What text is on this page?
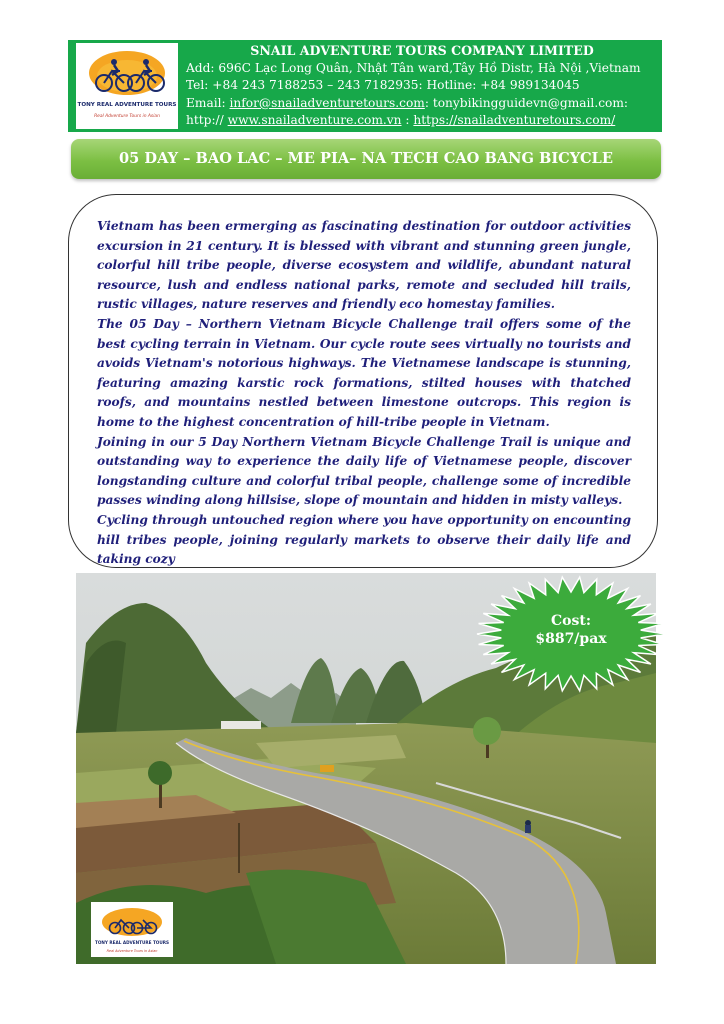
TONY REAL ADVENTURE TOURS
Real Adventure Tours in Asian
SNAIL ADVENTURE TOURS COMPANY LIMITED
Add: 696C Lạc Long Quân, Nhật Tân ward,Tây Hồ Distr, Hà Nội ,Vietnam
Tel: +84 243 7188253 – 243 7182935: Hotline: +84 989134045
Email: infor@snailadventuretours.com: tonybikingguidevn@gmail.com:
http:// www.snailadventure.com.vn : https://snailadventuretours.com/
05 DAY – BAO LAC – ME PIA– NA TECH CAO BANG BICYCLE

Vietnam has been ermerging as fascinating destination for outdoor activities excursion in 21 century. It is blessed with vibrant and stunning green jungle, colorful hill tribe people, diverse ecosystem and wildlife, abundant natural resource, lush and endless national parks, remote and secluded hill trails, rustic villages, nature reserves and friendly eco homestay families.

The 05 Day – Northern Vietnam Bicycle Challenge trail offers some of the best cycling terrain in Vietnam. Our cycle route sees virtually no tourists and avoids Vietnam's notorious highways. The Vietnamese landscape is stunning, featuring amazing karstic rock formations, stilted houses with thatched roofs, and mountains nestled between limestone outcrops. This region is home to the highest concentration of hill-tribe people in Vietnam.

Joining in our 5 Day Northern Vietnam Bicycle Challenge Trail is unique and outstanding way to experience the daily life of Vietnamese people, discover longstanding culture and colorful tribal people, challenge some of incredible passes winding along hillsise, slope of mountain and hidden in misty valleys.

Cycling through untouched region where you have opportunity on encounting hill tribes people, joining regularly markets to observe their daily life and taking cozy

Cost:
$887/pax
TONY REAL ADVENTURE TOURS
Real Adventure Tours in Asian
